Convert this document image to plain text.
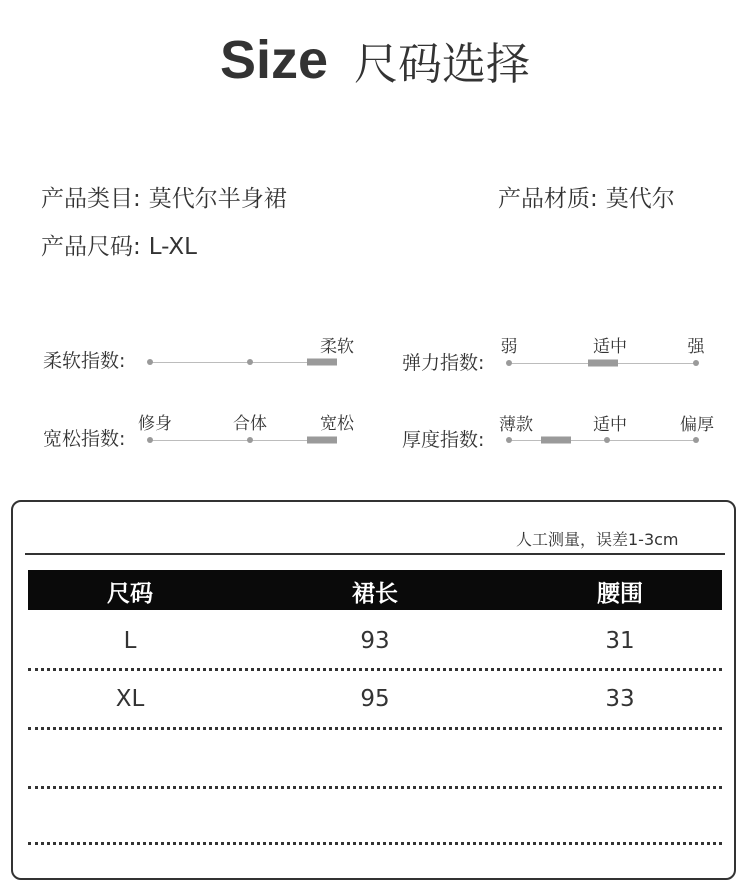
Size 尺码选择
产品类目: 莫代尔半身裙	产品材质: 莫代尔
产品尺码: L-XL
柔软指数:
柔软
弹力指数:
弱	适中	强
宽松指数:
修身	合体	宽松
厚度指数:
薄款	适中	偏厚
人工测量，误差1-3cm
尺码	裙长	腰围
L	93	31
XL	95	33
